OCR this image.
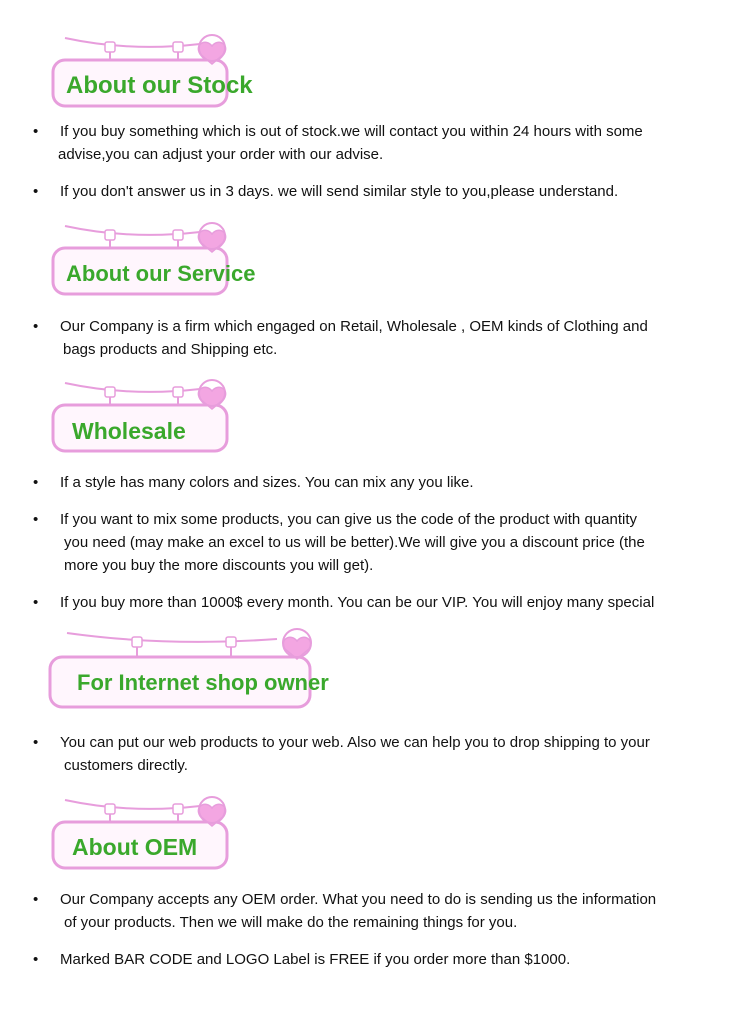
About our Stock
•	If you buy something which is out of stock.we will contact you within 24 hours with some
advise,you can adjust your order with our advise.
•	If you don't answer us in 3 days. we will send similar style to you,please understand.
About our Service
•	Our Company is a firm which engaged on Retail, Wholesale , OEM kinds of Clothing and
bags products and Shipping etc.
Wholesale
•	If a style has many colors and sizes. You can mix any you like.
•	If you want to mix some products, you can give us the code of the product with quantity
you need (may make an excel to us will be better).We will give you a discount price (the
more you buy the more discounts you will get).
•	If you buy more than 1000$ every month. You can be our VIP. You will enjoy many special
For Internet shop owner
•	You can put our web products to your web. Also we can help you to drop shipping to your
customers directly.
About OEM
•	Our Company accepts any OEM order. What you need to do is sending us the information
of your products. Then we will make do the remaining things for you.
•	Marked BAR CODE and LOGO Label is FREE if you order more than $1000.
